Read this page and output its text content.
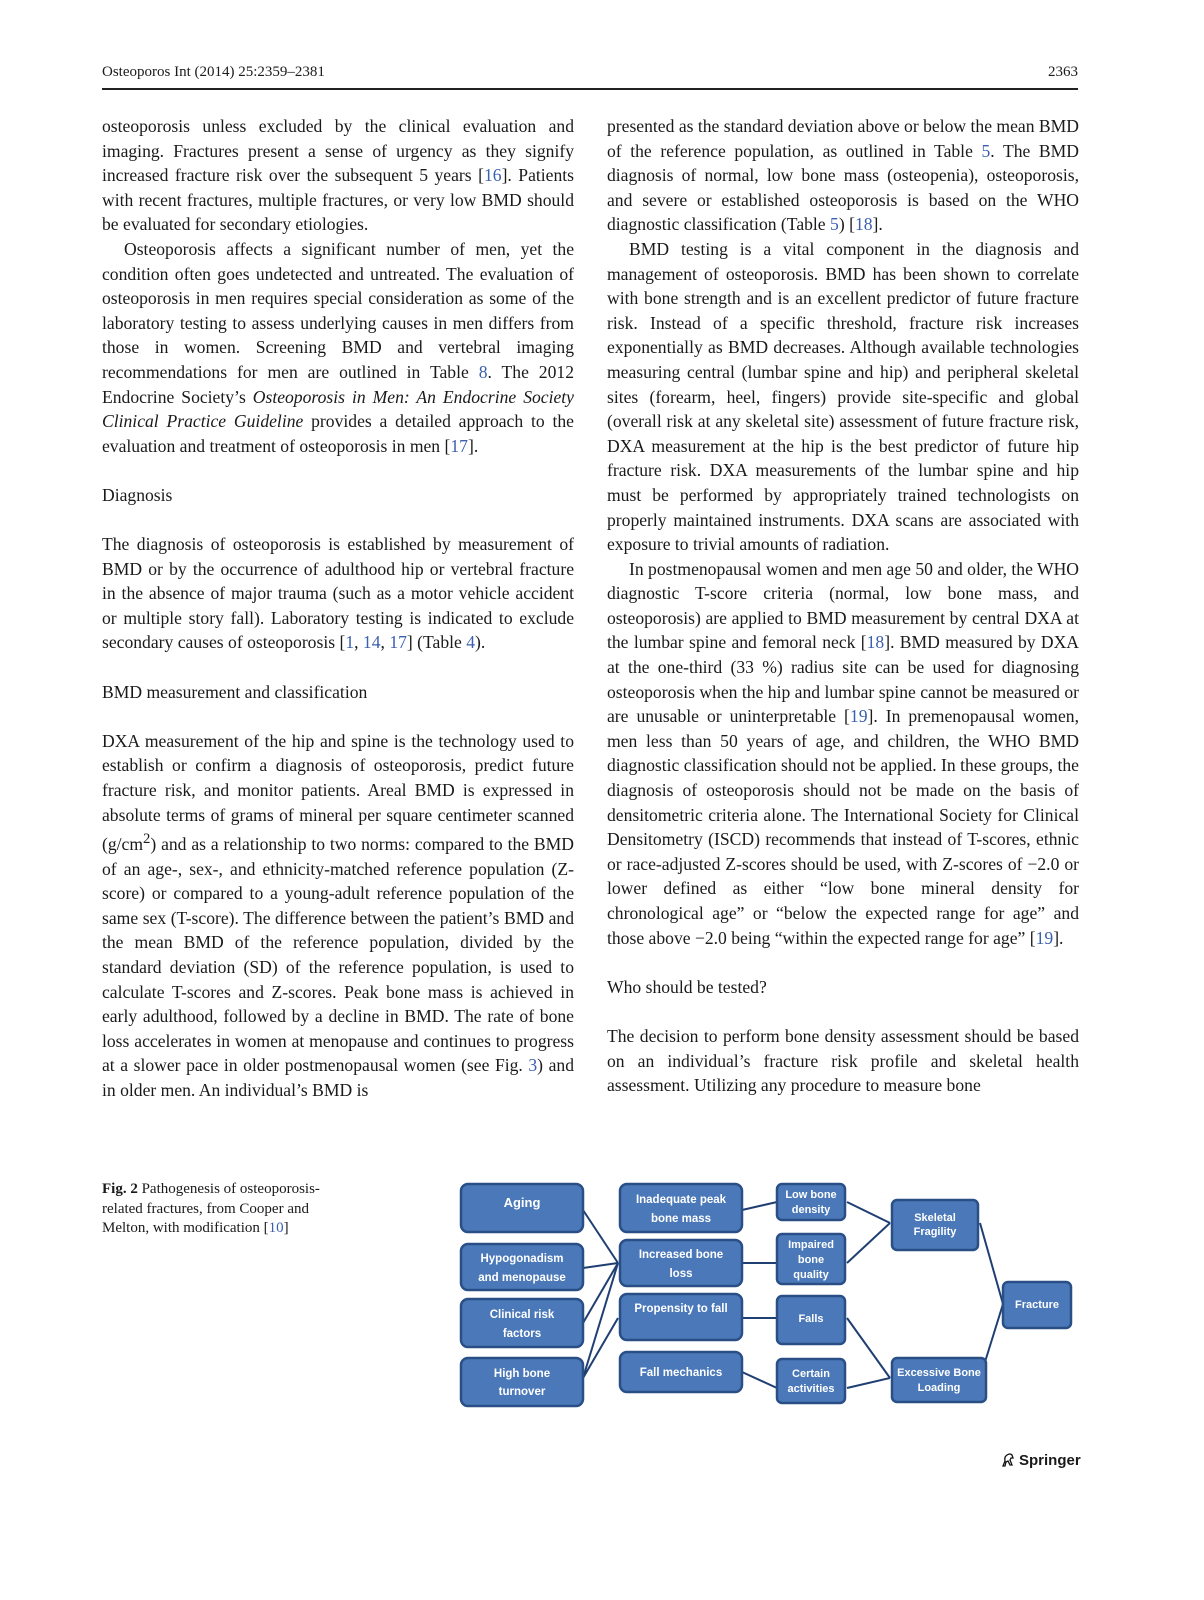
Osteoporos Int (2014) 25:2359–2381	2363

osteoporosis unless excluded by the clinical evaluation and imaging. Fractures present a sense of urgency as they signify increased fracture risk over the subsequent 5 years [16]. Patients with recent fractures, multiple fractures, or very low BMD should be evaluated for secondary etiologies.

Osteoporosis affects a significant number of men, yet the condition often goes undetected and untreated. The evaluation of osteoporosis in men requires special consideration as some of the laboratory testing to assess underlying causes in men differs from those in women. Screening BMD and vertebral imaging recommendations for men are outlined in Table 8. The 2012 Endocrine Society’s Osteoporosis in Men: An Endocrine Society Clinical Practice Guideline provides a detailed approach to the evaluation and treatment of osteoporosis in men [17].

Diagnosis

The diagnosis of osteoporosis is established by measurement of BMD or by the occurrence of adulthood hip or vertebral fracture in the absence of major trauma (such as a motor vehicle accident or multiple story fall). Laboratory testing is indicated to exclude secondary causes of osteoporosis [1, 14, 17] (Table 4).

BMD measurement and classification

DXA measurement of the hip and spine is the technology used to establish or confirm a diagnosis of osteoporosis, predict future fracture risk, and monitor patients. Areal BMD is expressed in absolute terms of grams of mineral per square centimeter scanned $(g/cm^2)$ and as a relationship to two norms: compared to the BMD of an age-, sex-, and ethnicity-matched reference population (Z-score) or compared to a young-adult reference population of the same sex (T-score). The difference between the patient’s BMD and the mean BMD of the reference population, divided by the standard deviation (SD) of the reference population, is used to calculate T-scores and Z-scores. Peak bone mass is achieved in early adulthood, followed by a decline in BMD. The rate of bone loss accelerates in women at menopause and continues to progress at a slower pace in older postmenopausal women (see Fig. 3) and in older men. An individual’s BMD is

presented as the standard deviation above or below the mean BMD of the reference population, as outlined in Table 5. The BMD diagnosis of normal, low bone mass (osteopenia), osteoporosis, and severe or established osteoporosis is based on the WHO diagnostic classification (Table 5) [18].

BMD testing is a vital component in the diagnosis and management of osteoporosis. BMD has been shown to correlate with bone strength and is an excellent predictor of future fracture risk. Instead of a specific threshold, fracture risk increases exponentially as BMD decreases. Although available technologies measuring central (lumbar spine and hip) and peripheral skeletal sites (forearm, heel, fingers) provide site-specific and global (overall risk at any skeletal site) assessment of future fracture risk, DXA measurement at the hip is the best predictor of future hip fracture risk. DXA measurements of the lumbar spine and hip must be performed by appropriately trained technologists on properly maintained instruments. DXA scans are associated with exposure to trivial amounts of radiation.

In postmenopausal women and men age 50 and older, the WHO diagnostic T-score criteria (normal, low bone mass, and osteoporosis) are applied to BMD measurement by central DXA at the lumbar spine and femoral neck [18]. BMD measured by DXA at the one-third (33 %) radius site can be used for diagnosing osteoporosis when the hip and lumbar spine cannot be measured or are unusable or uninterpretable [19]. In premenopausal women, men less than 50 years of age, and children, the WHO BMD diagnostic classification should not be applied. In these groups, the diagnosis of osteoporosis should not be made on the basis of densitometric criteria alone. The International Society for Clinical Densitometry (ISCD) recommends that instead of T-scores, ethnic or race-adjusted Z-scores should be used, with Z-scores of −2.0 or lower defined as either “low bone mineral density for chronological age” or “below the expected range for age” and those above −2.0 being “within the expected range for age” [19].

Who should be tested?

The decision to perform bone density assessment should be based on an individual’s fracture risk profile and skeletal health assessment. Utilizing any procedure to measure bone

Fig. 2 Pathogenesis of osteoporosis-related fractures, from Cooper and Melton, with modification [10]
Aging
Hypogonadism
and menopause
Clinical risk
factors
High bone
turnover
Inadequate peak
bone mass
Increased bone
loss
Propensity to fall
Fall mechanics
Low bone
density
Impaired
bone
quality
Falls
Certain
activities
Skeletal
Fragility
Excessive Bone
Loading
Fracture
Springer
